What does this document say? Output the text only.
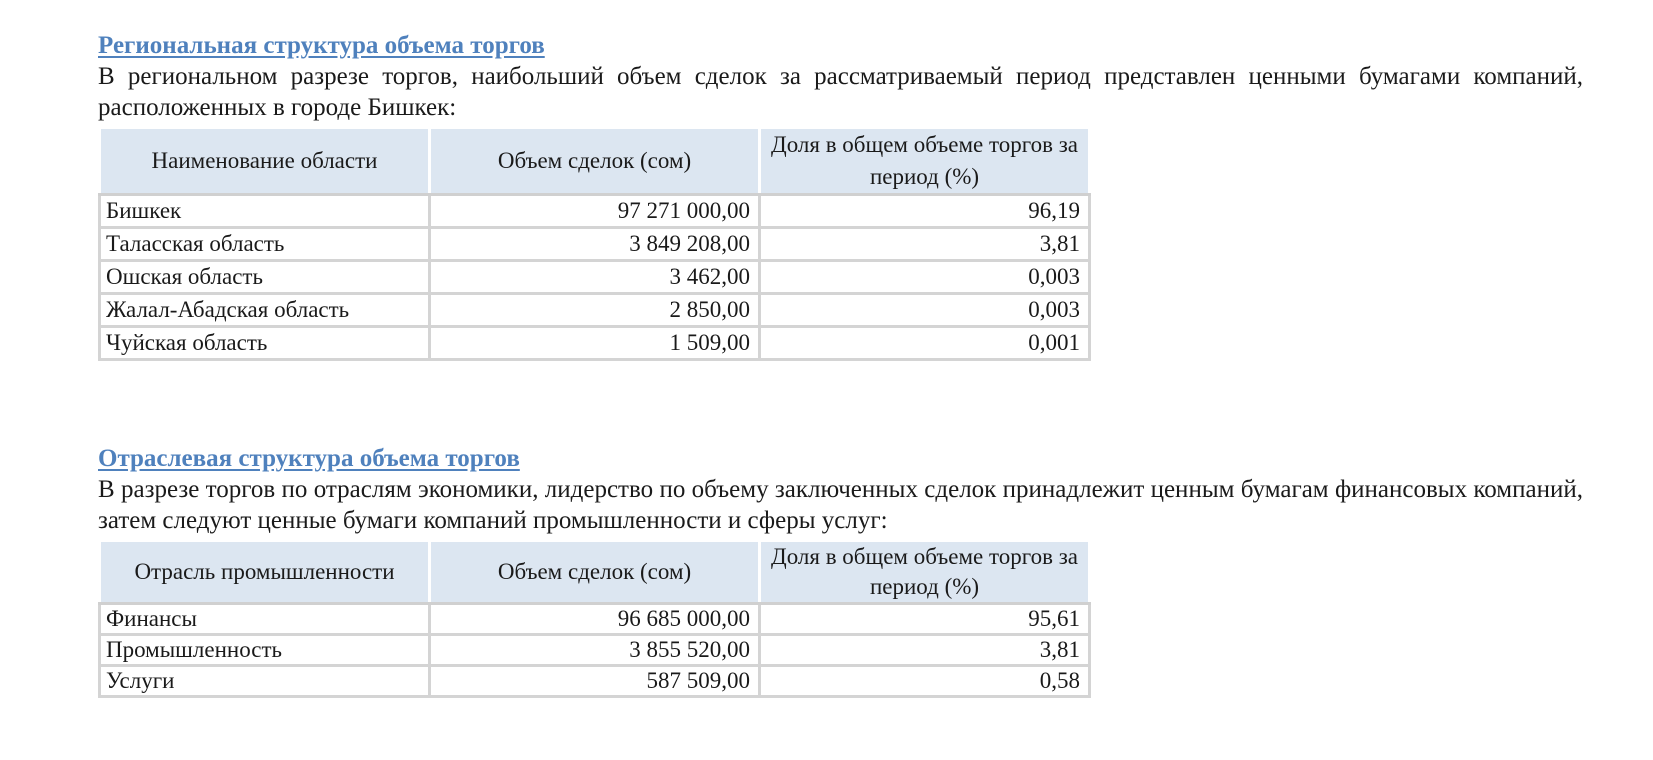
Региональная структура объема торгов

В региональном разрезе торгов, наибольший объем сделок за рассматриваемый период представлен ценными бумагами компаний, расположенных в городе Бишкек:

Наименование области	Объем сделок (сом)	Доля в общем объеме торгов за период (%)
Бишкек	97 271 000,00	96,19
Таласская область	3 849 208,00	3,81
Ошская область	3 462,00	0,003
Жалал-Абадская область	2 850,00	0,003
Чуйская область	1 509,00	0,001
Отраслевая структура объема торгов

В разрезе торгов по отраслям экономики, лидерство по объему заключенных сделок принадлежит ценным бумагам финансовых компаний, затем следуют ценные бумаги компаний промышленности и сферы услуг:

Отрасль промышленности	Объем сделок (сом)	Доля в общем объеме торгов за период (%)
Финансы	96 685 000,00	95,61
Промышленность	3 855 520,00	3,81
Услуги	587 509,00	0,58
